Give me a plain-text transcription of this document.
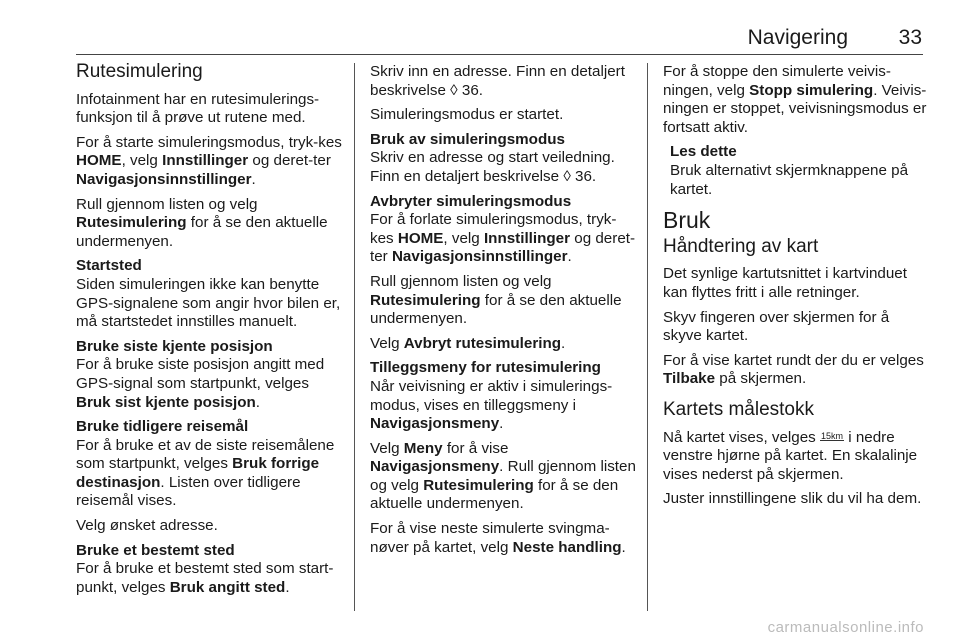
Navigering 33
Rutesimulering

Infotainment har en rutesimulerings-funksjon til å prøve ut rutene med.

For å starte simuleringsmodus, tryk-kes HOME, velg Innstillinger og deret-ter Navigasjonsinnstillinger.

Rull gjennom listen og velg Rutesimulering for å se den aktuelle undermenyen.

Startsted

Siden simuleringen ikke kan benytte GPS-signalene som angir hvor bilen er, må startstedet innstilles manuelt.

Bruke siste kjente posisjon

For å bruke siste posisjon angitt med GPS-signal som startpunkt, velges Bruk sist kjente posisjon.

Bruke tidligere reisemål

For å bruke et av de siste reisemålene som startpunkt, velges Bruk forrige destinasjon. Listen over tidligere reisemål vises.

Velg ønsket adresse.

Bruke et bestemt sted

For å bruke et bestemt sted som start-punkt, velges Bruk angitt sted.

Skriv inn en adresse. Finn en detaljert beskrivelse ◊ 36.

Simuleringsmodus er startet.

Bruk av simuleringsmodus

Skriv en adresse og start veiledning. Finn en detaljert beskrivelse ◊ 36.

Avbryter simuleringsmodus

For å forlate simuleringsmodus, tryk-kes HOME, velg Innstillinger og deret-ter Navigasjonsinnstillinger.

Rull gjennom listen og velg Rutesimulering for å se den aktuelle undermenyen.

Velg Avbryt rutesimulering.

Tilleggsmeny for rutesimulering

Når veivisning er aktiv i simulerings-modus, vises en tilleggsmeny i Navigasjonsmeny.

Velg Meny for å vise Navigasjonsmeny. Rull gjennom listen og velg Rutesimulering for å se den aktuelle undermenyen.

For å vise neste simulerte svingma-nøver på kartet, velg Neste handling.

For å stoppe den simulerte veivis-ningen, velg Stopp simulering. Veivis-ningen er stoppet, veivisningsmodus er fortsatt aktiv.

Les dette
Bruk alternativt skjermknappene på kartet.
Bruk
Håndtering av kart

Det synlige kartutsnittet i kartvinduet kan flyttes fritt i alle retninger.

Skyv fingeren over skjermen for å skyve kartet.

For å vise kartet rundt der du er velges Tilbake på skjermen.

Kartets målestokk

Nå kartet vises, velges 15km i nedre venstre hjørne på kartet. En skalalinje vises nederst på skjermen.

Juster innstillingene slik du vil ha dem.

carmanualsonline.info
